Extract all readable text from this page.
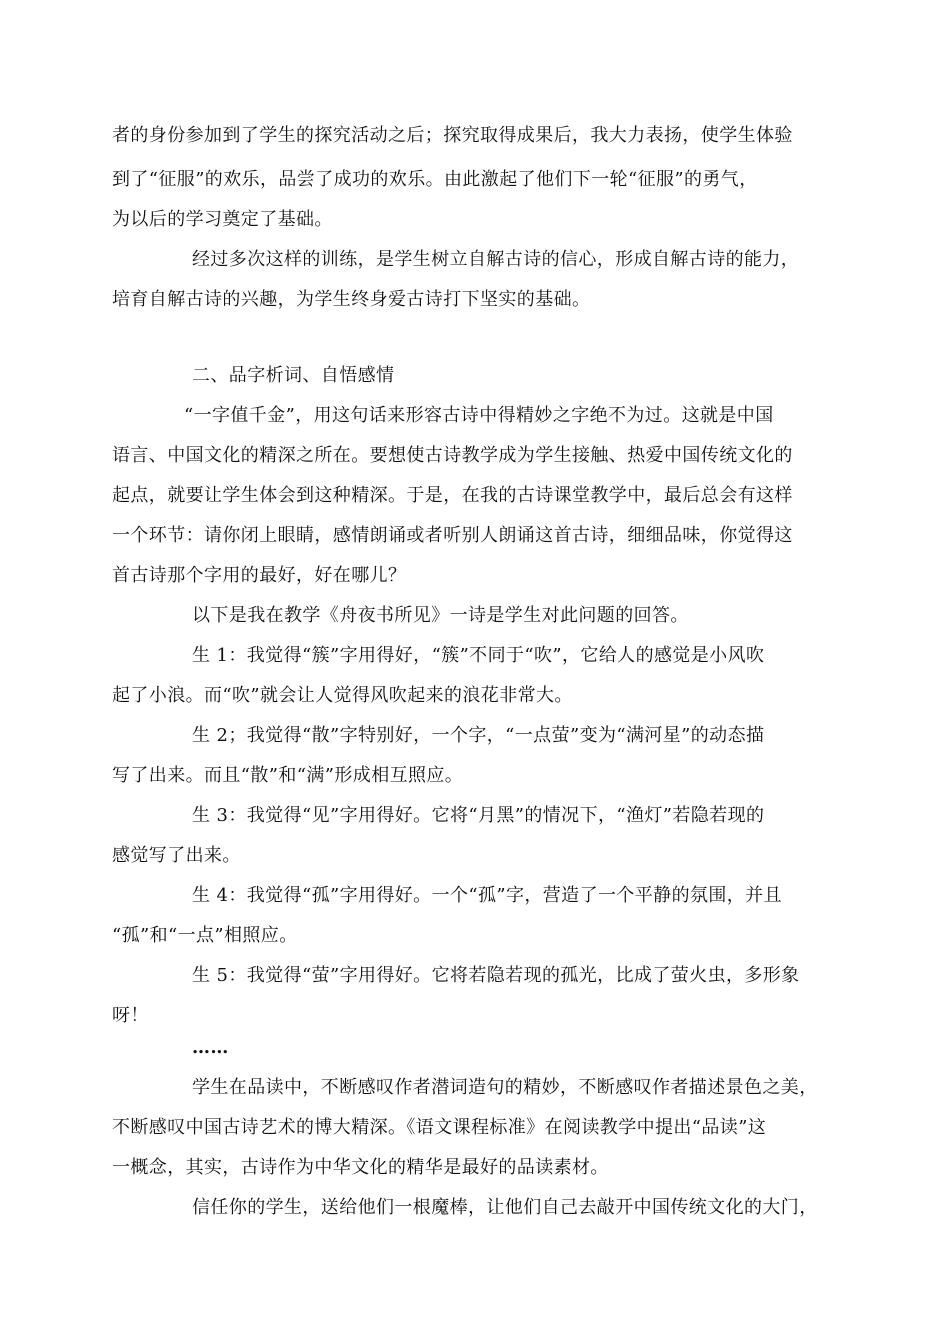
者的身份参加到了学生的探究活动之后；探究取得成果后，我大力表扬，使学生体验
到了“征服”的欢乐，品尝了成功的欢乐。由此激起了他们下一轮“征服”的勇气，
为以后的学习奠定了基础。
经过多次这样的训练，是学生树立自解古诗的信心，形成自解古诗的能力，
培育自解古诗的兴趣，为学生终身爱古诗打下坚实的基础。
二、品字析词、自悟感情
“一字值千金”，用这句话来形容古诗中得精妙之字绝不为过。这就是中国
语言、中国文化的精深之所在。要想使古诗教学成为学生接触、热爱中国传统文化的
起点，就要让学生体会到这种精深。于是，在我的古诗课堂教学中，最后总会有这样
一个环节：请你闭上眼睛，感情朗诵或者听别人朗诵这首古诗，细细品味，你觉得这
首古诗那个字用的最好，好在哪儿？
以下是我在教学《舟夜书所见》一诗是学生对此问题的回答。
生 1：我觉得“簇”字用得好，“簇”不同于“吹”，它给人的感觉是小风吹
起了小浪。而“吹”就会让人觉得风吹起来的浪花非常大。
生 2；我觉得“散”字特别好，一个字，“一点萤”变为“满河星”的动态描
写了出来。而且“散”和“满”形成相互照应。
生 3：我觉得“见”字用得好。它将“月黑”的情况下，“渔灯”若隐若现的
感觉写了出来。
生 4：我觉得“孤”字用得好。一个“孤”字，营造了一个平静的氛围，并且
“孤”和“一点”相照应。
生 5：我觉得“萤”字用得好。它将若隐若现的孤光，比成了萤火虫，多形象
呀！
……
学生在品读中，不断感叹作者潜词造句的精妙，不断感叹作者描述景色之美，
不断感叹中国古诗艺术的博大精深。《语文课程标准》在阅读教学中提出“品读”这
一概念，其实，古诗作为中华文化的精华是最好的品读素材。
信任你的学生，送给他们一根魔棒，让他们自己去敲开中国传统文化的大门，
